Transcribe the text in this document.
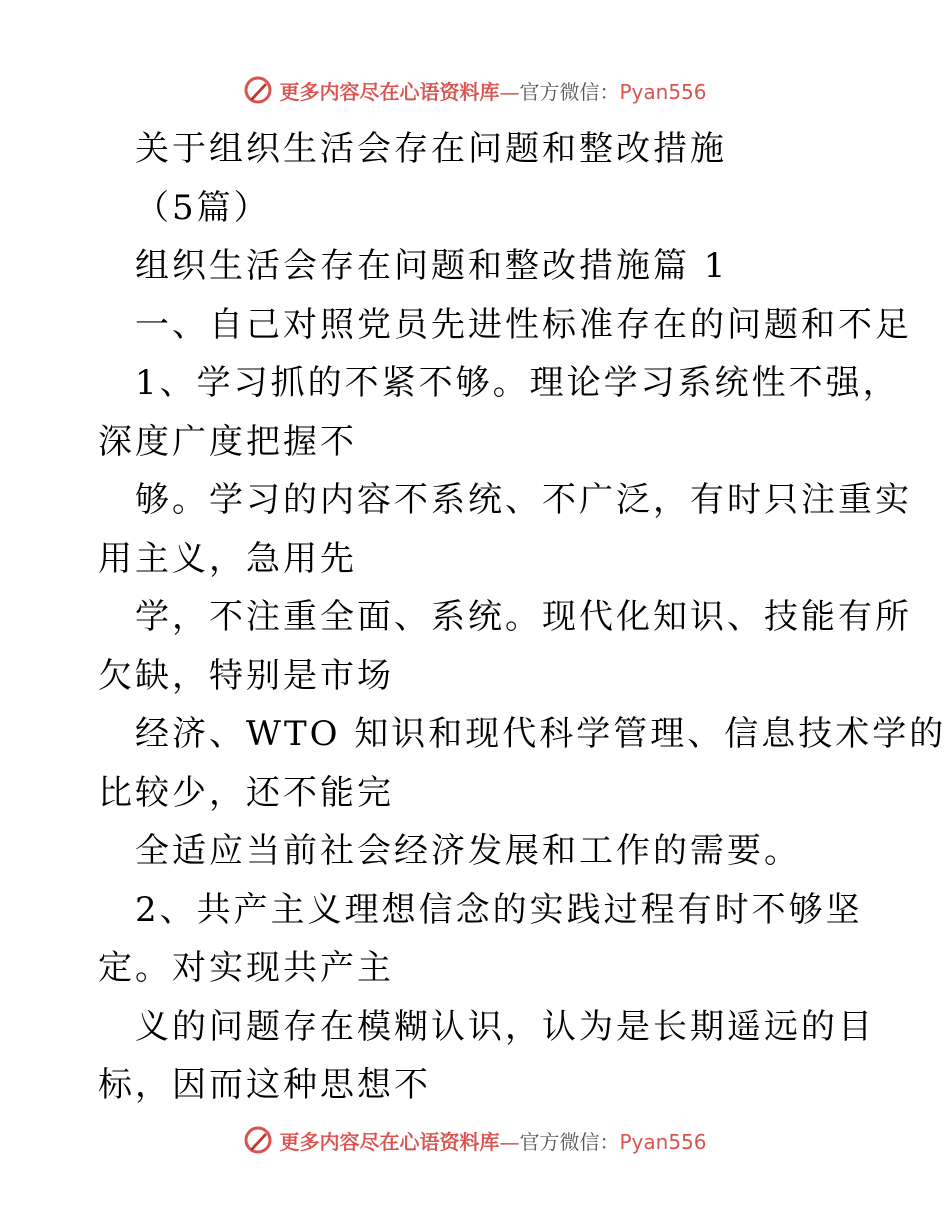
更多内容尽在心语资料库—官方微信：Pyan556
关于组织生活会存在问题和整改措施
（5篇）
组织生活会存在问题和整改措施篇 1
一、自己对照党员先进性标准存在的问题和不足
1、学习抓的不紧不够。理论学习系统性不强，
深度广度把握不
够。学习的内容不系统、不广泛，有时只注重实
用主义，急用先
学，不注重全面、系统。现代化知识、技能有所
欠缺，特别是市场
经济、WTO 知识和现代科学管理、信息技术学的
比较少，还不能完
全适应当前社会经济发展和工作的需要。
2、共产主义理想信念的实践过程有时不够坚
定。对实现共产主
义的问题存在模糊认识，认为是长期遥远的目
标，因而这种思想不
更多内容尽在心语资料库—官方微信：Pyan556
